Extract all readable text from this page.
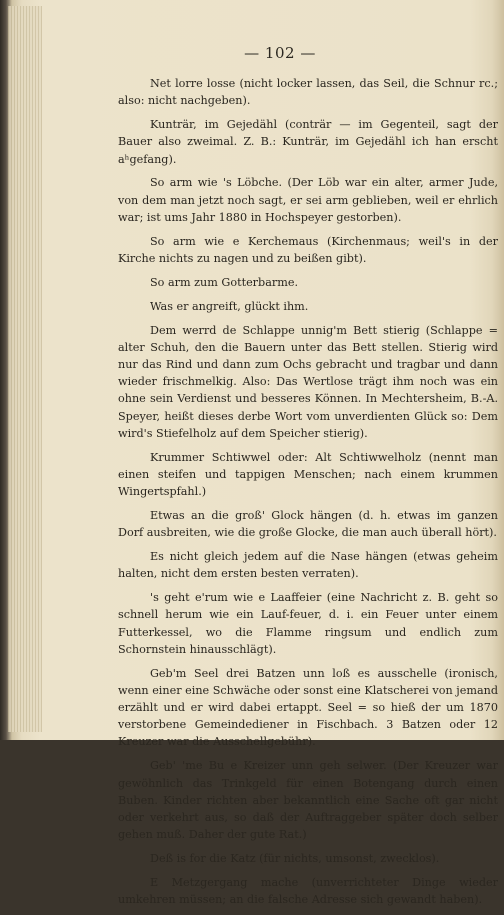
— 102 —

Net lorre losse (nicht locker lassen, das Seil, die Schnur rc.; also: nicht nachgeben).

Kunträr, im Gejedähl (conträr — im Gegenteil, sagt der Bauer also zweimal. Z. B.: Kunträr, im Gejedähl ich han erscht aʰgefang).

So arm wie 's Löbche. (Der Löb war ein alter, armer Jude, von dem man jetzt noch sagt, er sei arm geblieben, weil er ehrlich war; ist ums Jahr 1880 in Hochspeyer gestorben).

So arm wie e Kerchemaus (Kirchenmaus; weil's in der Kirche nichts zu nagen und zu beißen gibt).

So arm zum Gotterbarme.

Was er angreift, glückt ihm.

Dem werrd de Schlappe unnig'm Bett stierig (Schlappe = alter Schuh, den die Bauern unter das Bett stellen. Stierig wird nur das Rind und dann zum Ochs gebracht und tragbar und dann wieder frischmelkig. Also: Das Wertlose trägt ihm noch was ein ohne sein Verdienst und besseres Können. In Mechtersheim, B.-A. Speyer, heißt dieses derbe Wort vom unverdienten Glück so: Dem wird's Stiefelholz auf dem Speicher stierig).

Krummer Schtiwwel oder: Alt Schtiwwelholz (nennt man einen steifen und tappigen Menschen; nach einem krummen Wingertspfahl.)

Etwas an die groß' Glock hängen (d. h. etwas im ganzen Dorf ausbreiten, wie die große Glocke, die man auch überall hört).

Es nicht gleich jedem auf die Nase hängen (etwas geheim halten, nicht dem ersten besten verraten).

's geht e'rum wie e Laaffeier (eine Nachricht z. B. geht so schnell herum wie ein Lauf-feuer, d. i. ein Feuer unter einem Futterkessel, wo die Flamme ringsum und endlich zum Schornstein hinausschlägt).

Geb'm Seel drei Batzen unn loß es ausschelle (ironisch, wenn einer eine Schwäche oder sonst eine Klatscherei von jemand erzählt und er wird dabei ertappt. Seel = so hieß der um 1870 verstorbene Gemeindediener in Fischbach. 3 Batzen oder 12 Kreuzer war die Ausschellgebühr).

Geb' 'me Bu e Kreizer unn geh selwer. (Der Kreuzer war gewöhnlich das Trinkgeld für einen Botengang durch einen Buben. Kinder richten aber bekanntlich eine Sache oft gar nicht oder verkehrt aus, so daß der Auftraggeber später doch selber gehen muß. Daher der gute Rat.)

Deß is for die Katz (für nichts, umsonst, zwecklos).

E Metzgergang mache (unverrichteter Dinge wieder umkehren müssen; an die falsche Adresse sich gewandt haben).
